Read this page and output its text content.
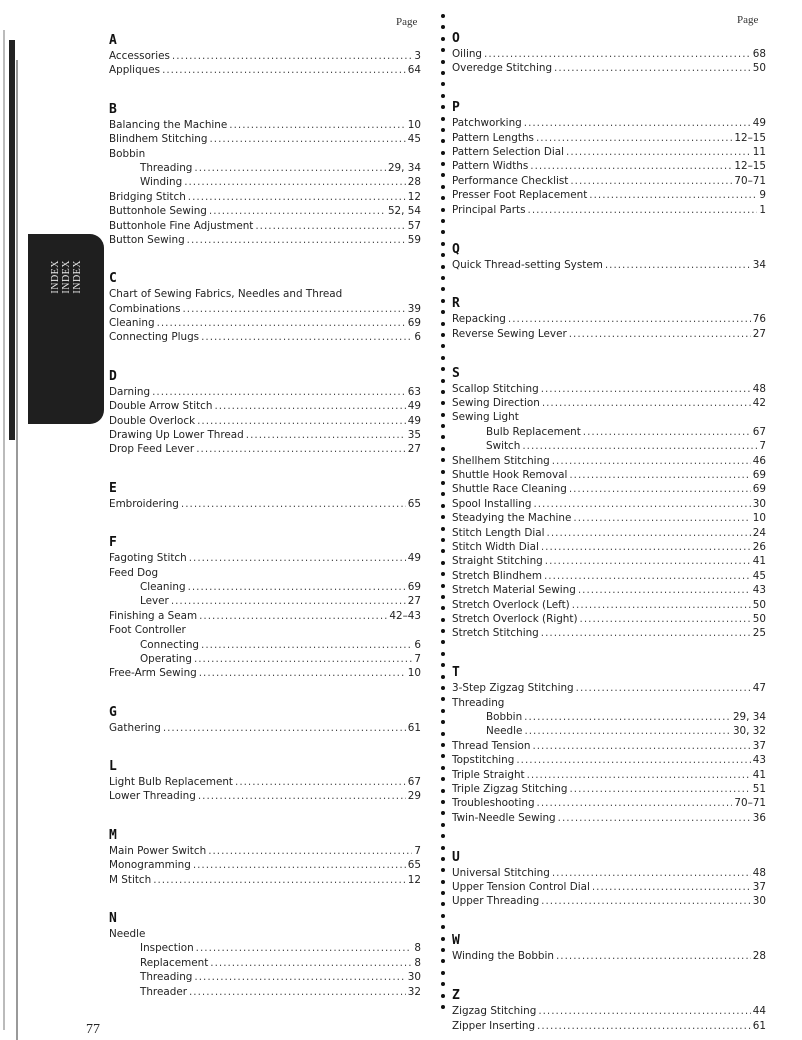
INDEX INDEX INDEX
Page	Page
A
Accessories .....	3
Appliques .....	64
B
Balancing the Machine .....	10
Blindhem Stitching .....	45
Bobbin
Threading .....	29, 34
Winding .....	28
Bridging Stitch .....	12
Buttonhole Sewing .....	52, 54
Buttonhole Fine Adjustment .....	57
Button Sewing .....	59
C
Chart of Sewing Fabrics, Needles and Thread
Combinations .....	39
Cleaning .....	69
Connecting Plugs .....	6
D
Darning .....	63
Double Arrow Stitch .....	49
Double Overlock .....	49
Drawing Up Lower Thread .....	35
Drop Feed Lever .....	27
E
Embroidering .....	65
F
Fagoting Stitch .....	49
Feed Dog
Cleaning .....	69
Lever .....	27
Finishing a Seam .....	42–43
Foot Controller
Connecting .....	6
Operating .....	7
Free-Arm Sewing .....	10
G
Gathering .....	61
L
Light Bulb Replacement .....	67
Lower Threading .....	29
M
Main Power Switch .....	7
Monogramming .....	65
M Stitch .....	12
N
Needle
Inspection .....	8
Replacement .....	8
Threading .....	30
Threader .....	32
O
Oiling .....	68
Overedge Stitching .....	50
P
Patchworking .....	49
Pattern Lengths .....	12–15
Pattern Selection Dial .....	11
Pattern Widths .....	12–15
Performance Checklist .....	70–71
Presser Foot Replacement .....	9
Principal Parts .....	1
Q
Quick Thread-setting System .....	34
R
Repacking .....	76
Reverse Sewing Lever .....	27
S
Scallop Stitching .....	48
Sewing Direction .....	42
Sewing Light
Bulb Replacement .....	67
Switch .....	7
Shellhem Stitching .....	46
Shuttle Hook Removal .....	69
Shuttle Race Cleaning .....	69
Spool Installing .....	30
Steadying the Machine .....	10
Stitch Length Dial .....	24
Stitch Width Dial .....	26
Straight Stitching .....	41
Stretch Blindhem .....	45
Stretch Material Sewing .....	43
Stretch Overlock (Left) .....	50
Stretch Overlock (Right) .....	50
Stretch Stitching .....	25
T
3-Step Zigzag Stitching .....	47
Threading
Bobbin .....	29, 34
Needle .....	30, 32
Thread Tension .....	37
Topstitching .....	43
Triple Straight .....	41
Triple Zigzag Stitching .....	51
Troubleshooting .....	70–71
Twin-Needle Sewing .....	36
U
Universal Stitching .....	48
Upper Tension Control Dial .....	37
Upper Threading .....	30
W
Winding the Bobbin .....	28
Z
Zigzag Stitching .....	44
Zipper Inserting .....	61
77
